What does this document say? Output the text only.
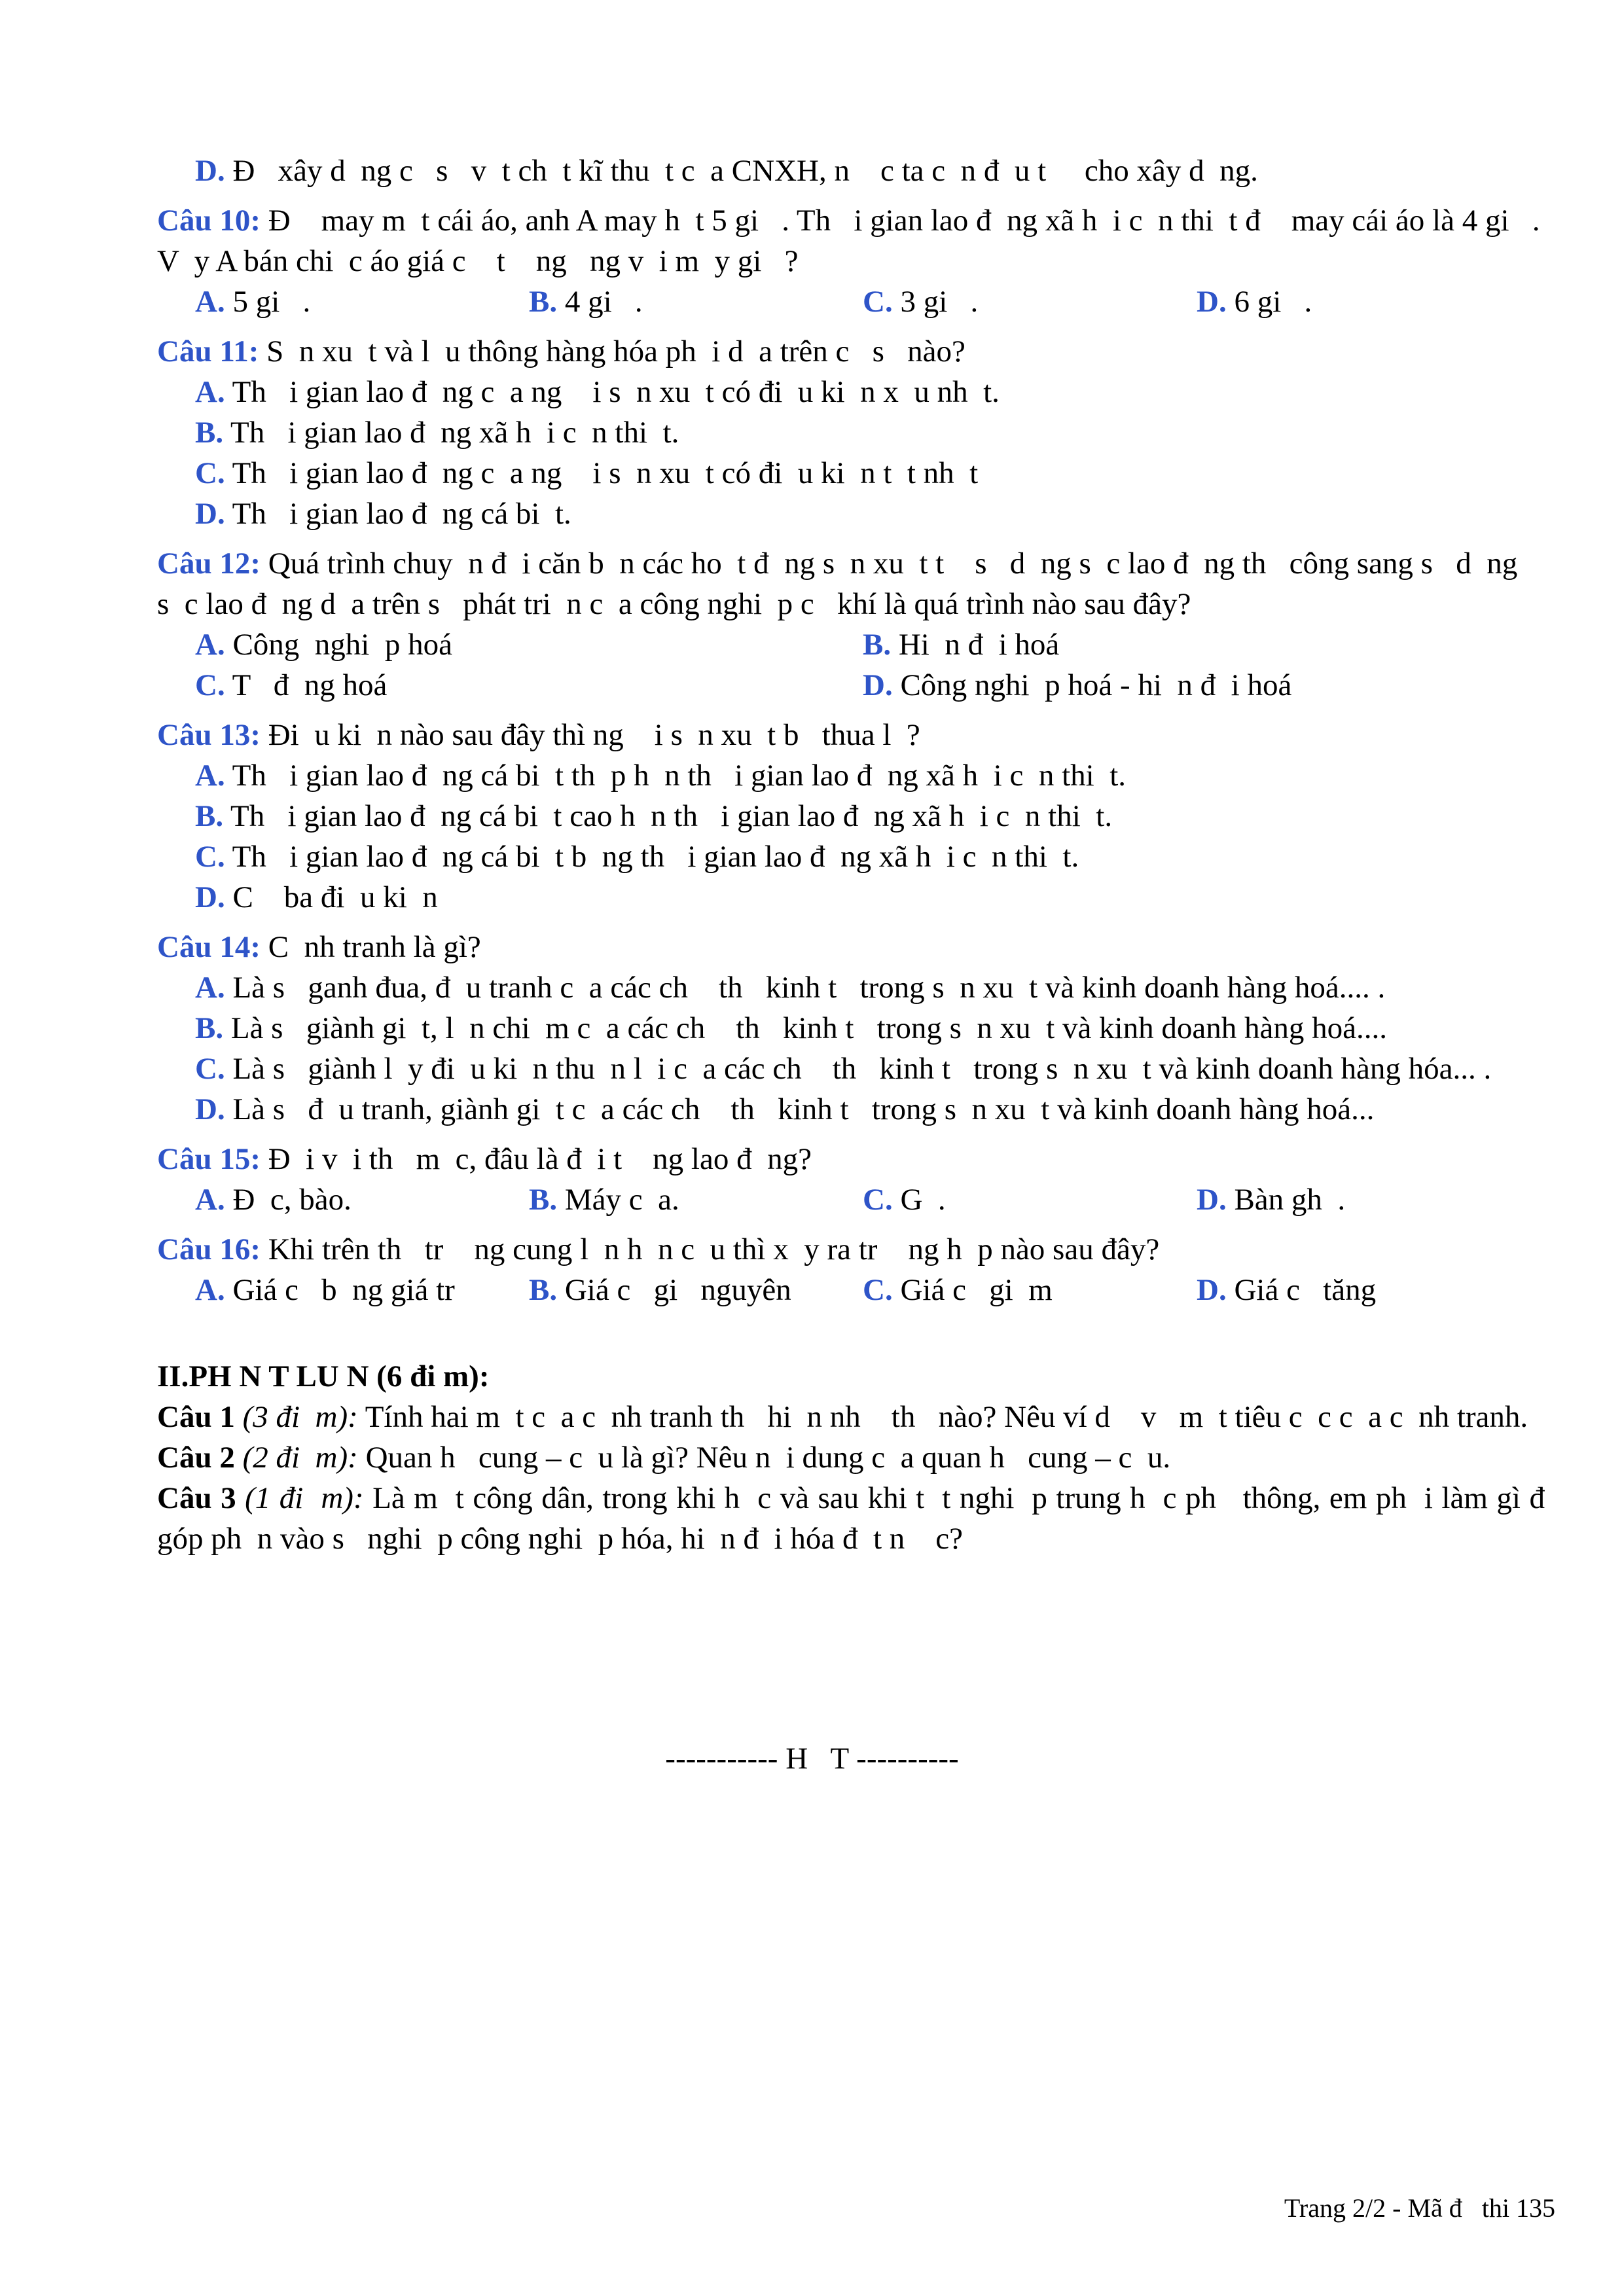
D. Đ   xây d  ng c   s   v  t ch  t kĩ thu  t c  a CNXH, n    c ta c  n đ  u t     cho xây d  ng.
Câu 10: Đ    may m  t cái áo, anh A may h  t 5 gi   . Th   i gian lao đ  ng xã h  i c  n thi  t đ    may cái áo là 4 gi   . V  y A bán chi  c áo giá c    t    ng   ng v  i m  y gi   ?
A. 5 gi   .	B. 4 gi   .	C. 3 gi   .	D. 6 gi   .
Câu 11: S  n xu  t và l  u thông hàng hóa ph  i d  a trên c   s   nào?
A. Th   i gian lao đ  ng c  a ng    i s  n xu  t có đi  u ki  n x  u nh  t.
B. Th   i gian lao đ  ng xã h  i c  n thi  t.
C. Th   i gian lao đ  ng c  a ng    i s  n xu  t có đi  u ki  n t  t nh  t
D. Th   i gian lao đ  ng cá bi  t.
Câu 12: Quá trình chuy  n đ  i căn b  n các ho  t đ  ng s  n xu  t t    s   d  ng s  c lao đ  ng th   công sang s   d  ng   s  c lao đ  ng d  a trên s   phát tri  n c  a công nghi  p c   khí là quá trình nào sau đây?
A. Công  nghi  p hoá	B. Hi  n đ  i hoá
C. T   đ  ng hoá	D. Công nghi  p hoá - hi  n đ  i hoá
Câu 13: Đi  u ki  n nào sau đây thì ng    i s  n xu  t b   thua l  ?
A. Th   i gian lao đ  ng cá bi  t th  p h  n th   i gian lao đ  ng xã h  i c  n thi  t.
B. Th   i gian lao đ  ng cá bi  t cao h  n th   i gian lao đ  ng xã h  i c  n thi  t.
C. Th   i gian lao đ  ng cá bi  t b  ng th   i gian lao đ  ng xã h  i c  n thi  t.
D. C    ba đi  u ki  n
Câu 14: C  nh tranh là gì?
A. Là s   ganh đua, đ  u tranh c  a các ch    th   kinh t   trong s  n xu  t và kinh doanh hàng hoá.... .
B. Là s   giành gi  t, l  n chi  m c  a các ch    th   kinh t   trong s  n xu  t và kinh doanh hàng hoá....
C. Là s   giành l  y đi  u ki  n thu  n l  i c  a các ch    th   kinh t   trong s  n xu  t và kinh doanh hàng hóa... .
D. Là s   đ  u tranh, giành gi  t c  a các ch    th   kinh t   trong s  n xu  t và kinh doanh hàng hoá...
Câu 15: Đ  i v  i th   m  c, đâu là đ  i t    ng lao đ  ng?
A. Đ  c, bào.	B. Máy c  a.	C. G  .	D. Bàn gh  .
Câu 16: Khi trên th   tr    ng cung l  n h  n c  u thì x  y ra tr    ng h  p nào sau đây?
A. Giá c   b  ng giá tr	B. Giá c   gi   nguyên	C. Giá c   gi  m	D. Giá c   tăng
II.PH N T LU N (6 đi m):
Câu 1 (3 đi  m): Tính hai m  t c  a c  nh tranh th   hi  n nh    th   nào? Nêu ví d    v   m  t tiêu c  c c  a c  nh tranh.
Câu 2 (2 đi  m): Quan h   cung – c  u là gì? Nêu n  i dung c  a quan h   cung – c  u.
Câu 3 (1 đi  m): Là m  t công dân, trong khi h  c và sau khi t  t nghi  p trung h  c ph   thông, em ph  i làm gì đ   góp ph  n vào s   nghi  p công nghi  p hóa, hi  n đ  i hóa đ  t n    c?
----------- H   T ----------
Trang 2/2 - Mã đ   thi 135
